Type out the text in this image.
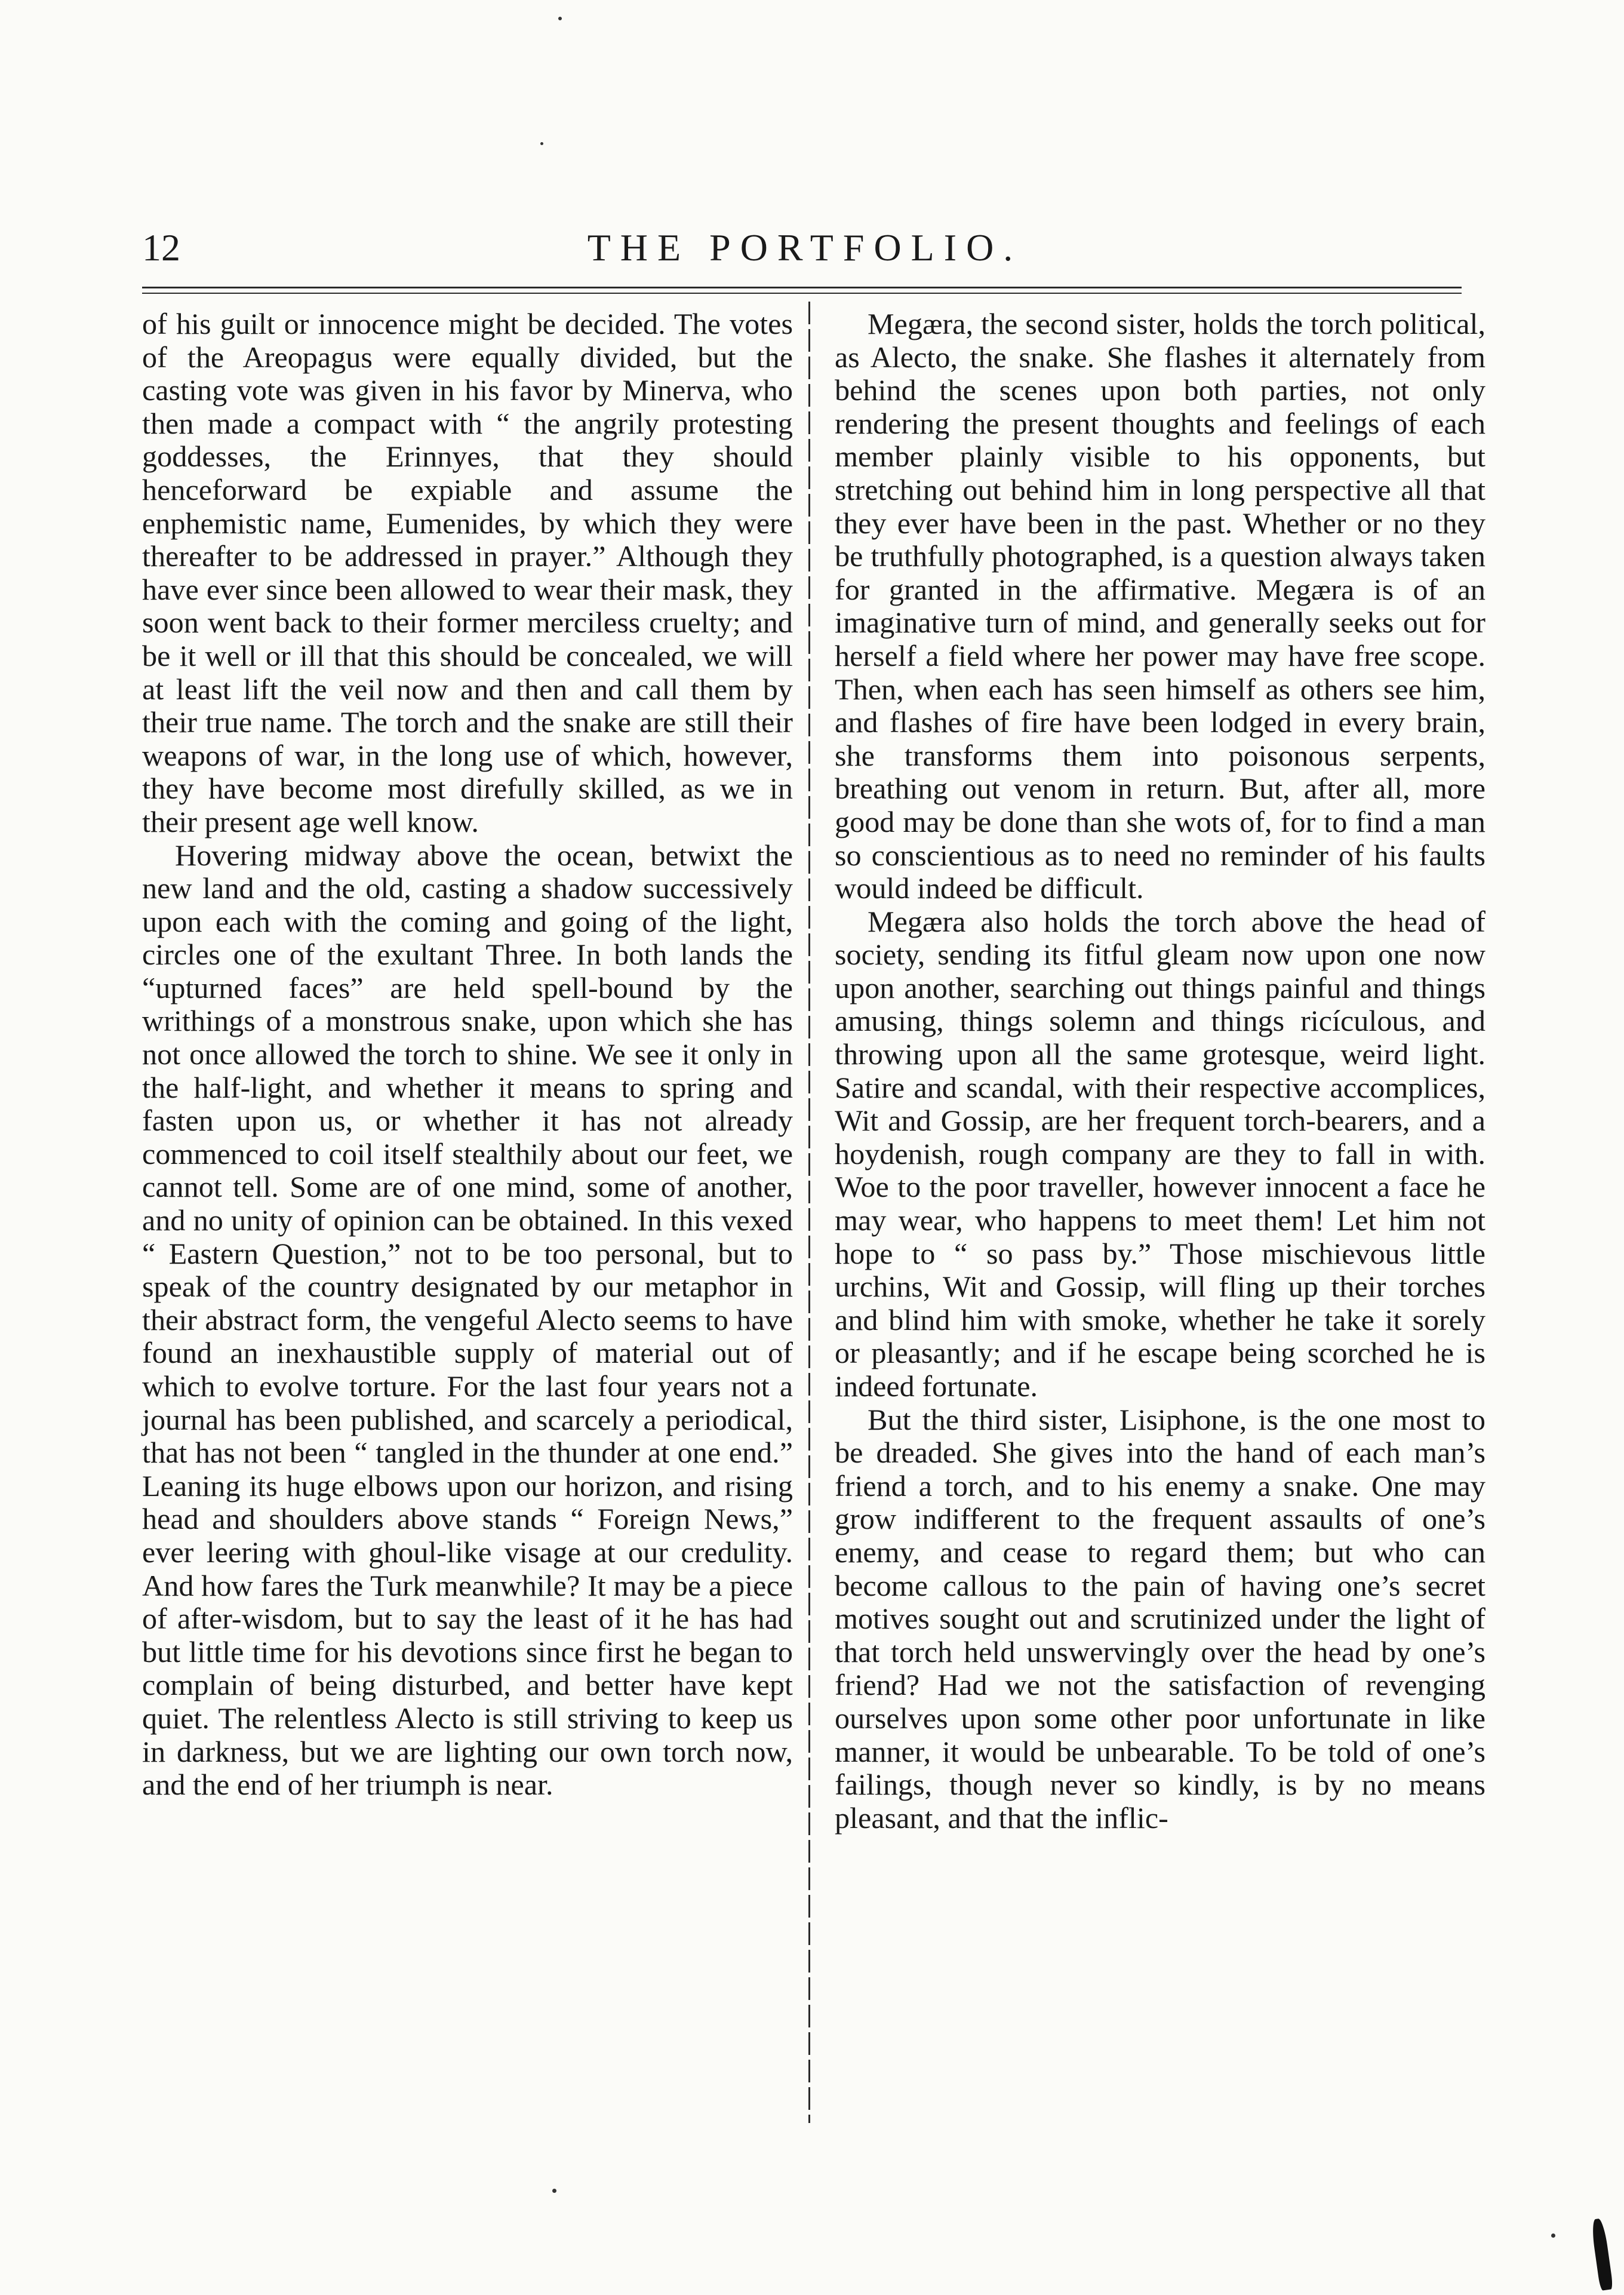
12	THE PORTFOLIO.

of his guilt or innocence might be decided. The votes of the Areopagus were equally divided, but the casting vote was given in his favor by Minerva, who then made a compact with “ the angrily protesting goddesses, the Erinnyes, that they should henceforward be expiable and assume the enphemistic name, Eumenides, by which they were thereafter to be addressed in prayer.” Although they have ever since been allowed to wear their mask, they soon went back to their former merciless cruelty; and be it well or ill that this should be concealed, we will at least lift the veil now and then and call them by their true name. The torch and the snake are still their weapons of war, in the long use of which, however, they have become most direfully skilled, as we in their present age well know.

Hovering midway above the ocean, betwixt the new land and the old, casting a shadow successively upon each with the coming and going of the light, circles one of the exultant Three. In both lands the “upturned faces” are held spell-bound by the writhings of a monstrous snake, upon which she has not once allowed the torch to shine. We see it only in the half-light, and whether it means to spring and fasten upon us, or whether it has not already commenced to coil itself stealthily about our feet, we cannot tell. Some are of one mind, some of another, and no unity of opinion can be obtained. In this vexed “ Eastern Question,” not to be too personal, but to speak of the country designated by our metaphor in their abstract form, the vengeful Alecto seems to have found an inexhaustible supply of material out of which to evolve torture. For the last four years not a journal has been published, and scarcely a periodical, that has not been “ tangled in the thunder at one end.” Leaning its huge elbows upon our horizon, and rising head and shoulders above stands “ Foreign News,” ever leering with ghoul-like visage at our credulity. And how fares the Turk meanwhile? It may be a piece of after-wisdom, but to say the least of it he has had but little time for his devotions since first he began to complain of being disturbed, and better have kept quiet. The relentless Alecto is still striving to keep us in darkness, but we are lighting our own torch now, and the end of her triumph is near.

Megæra, the second sister, holds the torch political, as Alecto, the snake. She flashes it alternately from behind the scenes upon both parties, not only rendering the present thoughts and feelings of each member plainly visible to his opponents, but stretching out behind him in long perspective all that they ever have been in the past. Whether or no they be truthfully photographed, is a question always taken for granted in the affirmative. Megæra is of an imaginative turn of mind, and generally seeks out for herself a field where her power may have free scope. Then, when each has seen himself as others see him, and flashes of fire have been lodged in every brain, she transforms them into poisonous serpents, breathing out venom in return. But, after all, more good may be done than she wots of, for to find a man so conscientious as to need no reminder of his faults would indeed be difficult.

Megæra also holds the torch above the head of society, sending its fitful gleam now upon one now upon another, searching out things painful and things amusing, things solemn and things ricículous, and throwing upon all the same grotesque, weird light. Satire and scandal, with their respective accomplices, Wit and Gossip, are her frequent torch-bearers, and a hoydenish, rough company are they to fall in with. Woe to the poor traveller, however innocent a face he may wear, who happens to meet them! Let him not hope to “ so pass by.” Those mischievous little urchins, Wit and Gossip, will fling up their torches and blind him with smoke, whether he take it sorely or pleasantly; and if he escape being scorched he is indeed fortunate.

But the third sister, Lisiphone, is the one most to be dreaded. She gives into the hand of each man’s friend a torch, and to his enemy a snake. One may grow indifferent to the frequent assaults of one’s enemy, and cease to regard them; but who can become callous to the pain of having one’s secret motives sought out and scrutinized under the light of that torch held unswervingly over the head by one’s friend? Had we not the satisfaction of revenging ourselves upon some other poor unfortunate in like manner, it would be unbearable. To be told of one’s failings, though never so kindly, is by no means pleasant, and that the inflic-
